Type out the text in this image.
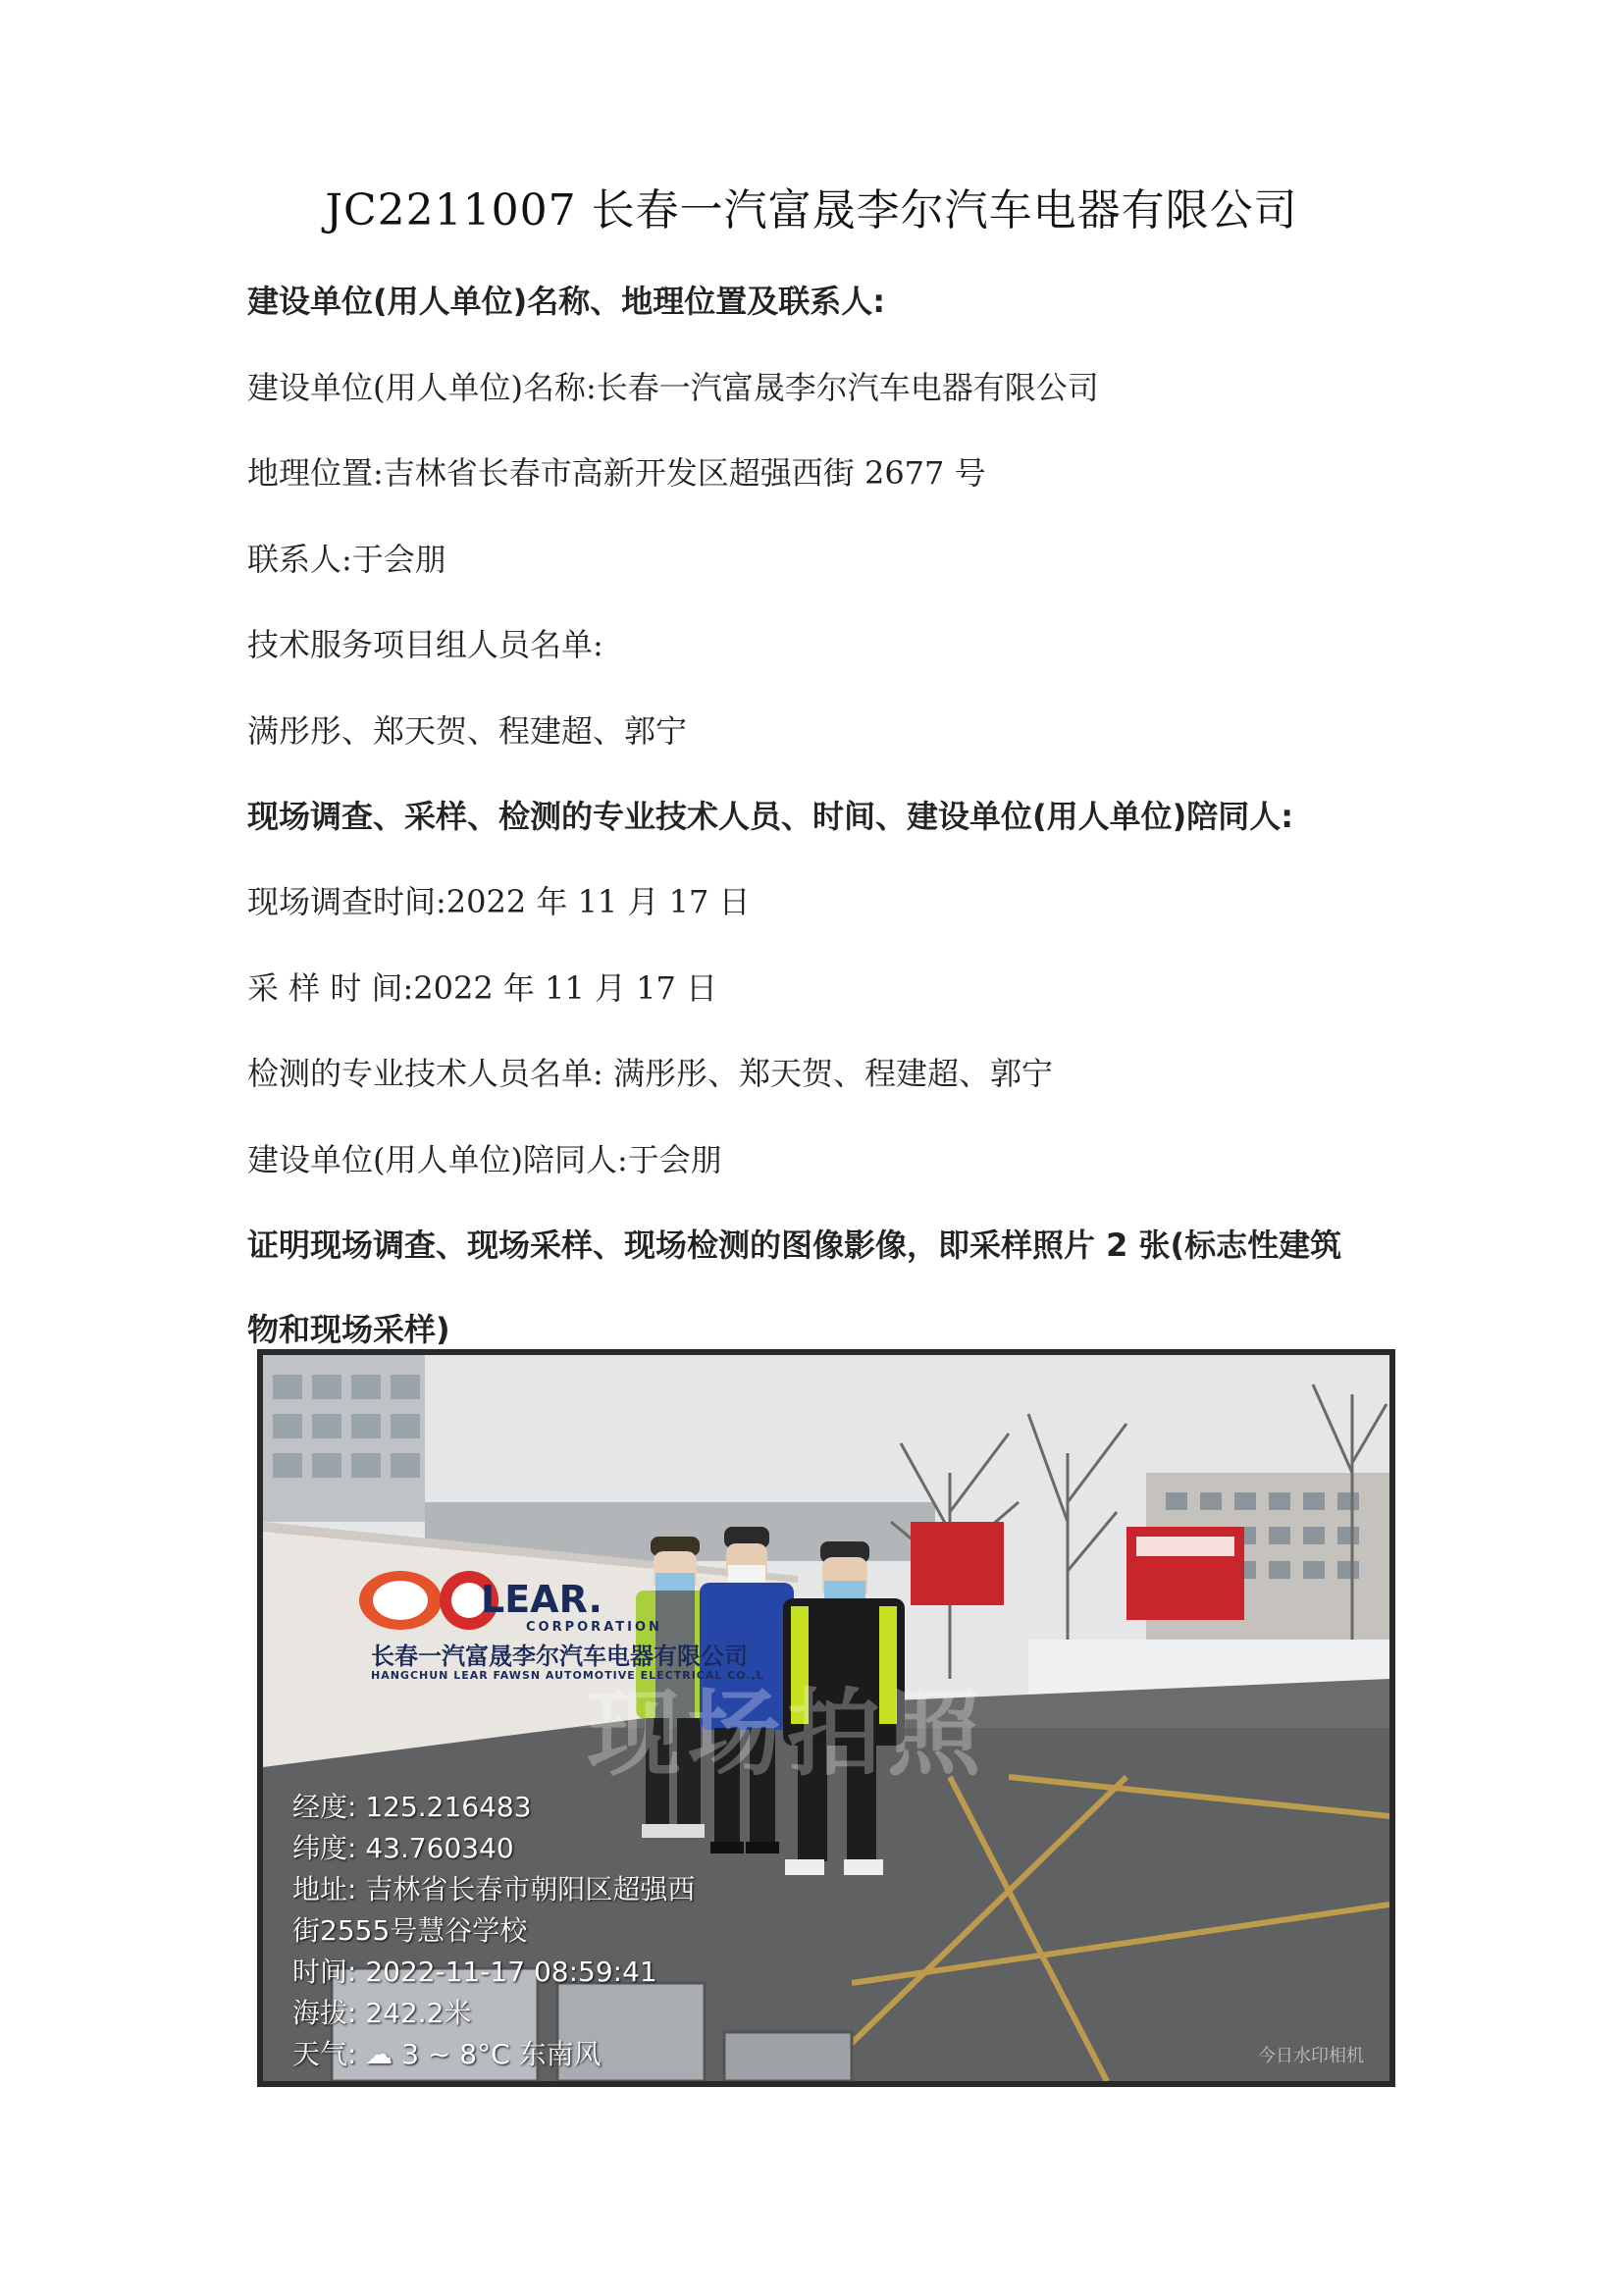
JC2211007 长春一汽富晟李尔汽车电器有限公司
建设单位(用人单位)名称、地理位置及联系人:
建设单位(用人单位)名称:长春一汽富晟李尔汽车电器有限公司
地理位置:吉林省长春市高新开发区超强西街 2677 号
联系人:于会朋
技术服务项目组人员名单:
满彤彤、郑天贺、程建超、郭宁
现场调查、采样、检测的专业技术人员、时间、建设单位(用人单位)陪同人:
现场调查时间:2022 年 11 月 17 日
采 样 时 间:2022 年 11 月 17 日
检测的专业技术人员名单: 满彤彤、郑天贺、程建超、郭宁
建设单位(用人单位)陪同人:于会朋
证明现场调查、现场采样、现场检测的图像影像，即采样照片 2 张(标志性建筑
物和现场采样)
LEAR.
CORPORATION
长春一汽富晟李尔汽车电器有限公司
HANGCHUN LEAR FAWSN AUTOMOTIVE ELECTRICAL CO.,L
现场拍照
经度: 125.216483
纬度: 43.760340
地址: 吉林省长春市朝阳区超强西
街2555号慧谷学校
时间: 2022-11-17 08:59:41
海拔: 242.2米
天气: ☁ 3 ~ 8°C 东南风	今日水印相机
